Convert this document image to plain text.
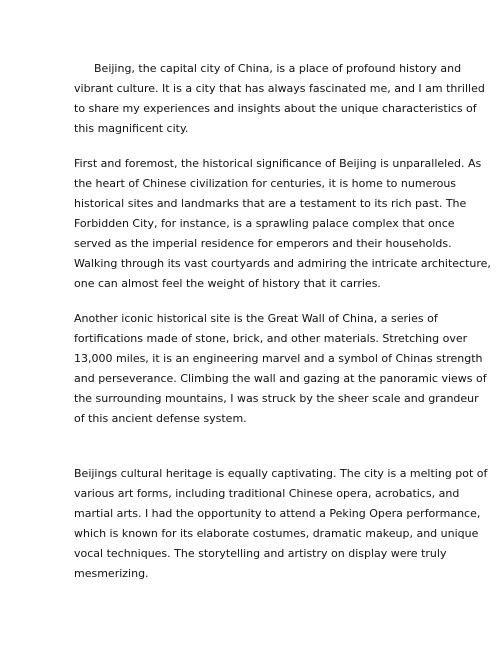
Beijing, the capital city of China, is a place of profound history and
vibrant culture. It is a city that has always fascinated me, and I am thrilled
to share my experiences and insights about the unique characteristics of
this magnificent city.
First and foremost, the historical significance of Beijing is unparalleled. As
the heart of Chinese civilization for centuries, it is home to numerous
historical sites and landmarks that are a testament to its rich past. The
Forbidden City, for instance, is a sprawling palace complex that once
served as the imperial residence for emperors and their households.
Walking through its vast courtyards and admiring the intricate architecture,
one can almost feel the weight of history that it carries.
Another iconic historical site is the Great Wall of China, a series of
fortifications made of stone, brick, and other materials. Stretching over
13,000 miles, it is an engineering marvel and a symbol of Chinas strength
and perseverance. Climbing the wall and gazing at the panoramic views of
the surrounding mountains, I was struck by the sheer scale and grandeur
of this ancient defense system.
Beijings cultural heritage is equally captivating. The city is a melting pot of
various art forms, including traditional Chinese opera, acrobatics, and
martial arts. I had the opportunity to attend a Peking Opera performance,
which is known for its elaborate costumes, dramatic makeup, and unique
vocal techniques. The storytelling and artistry on display were truly
mesmerizing.
